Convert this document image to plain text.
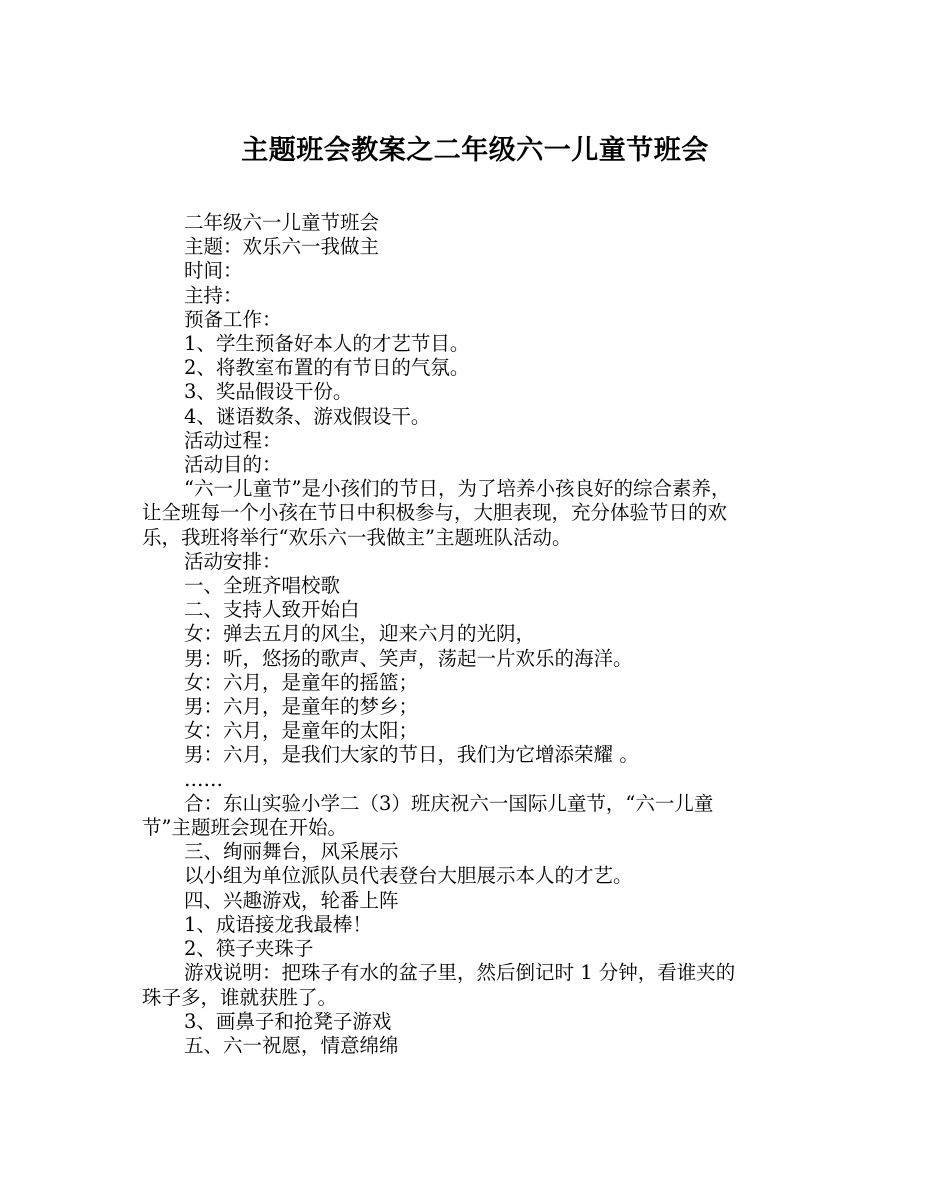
主题班会教案之二年级六一儿童节班会
二年级六一儿童节班会
主题：欢乐六一我做主
时间：
主持：
预备工作：
1、学生预备好本人的才艺节目。
2、将教室布置的有节日的气氛。
3、奖品假设干份。
4、谜语数条、游戏假设干。
活动过程：
活动目的：
“六一儿童节”是小孩们的节日，为了培养小孩良好的综合素养，
让全班每一个小孩在节日中积极参与，大胆表现，充分体验节日的欢
乐，我班将举行“欢乐六一我做主”主题班队活动。
活动安排：
一、全班齐唱校歌
二、支持人致开始白
女：弹去五月的风尘，迎来六月的光阴，
男：听，悠扬的歌声、笑声，荡起一片欢乐的海洋。
女：六月，是童年的摇篮；
男：六月，是童年的梦乡；
女：六月，是童年的太阳；
男：六月，是我们大家的节日，我们为它增添荣耀 。
……
合：东山实验小学二（3）班庆祝六一国际儿童节，“六一儿童
节”主题班会现在开始。
三、绚丽舞台，风采展示
以小组为单位派队员代表登台大胆展示本人的才艺。
四、兴趣游戏，轮番上阵
1、成语接龙我最棒！
2、筷子夹珠子
游戏说明：把珠子有水的盆子里，然后倒记时 1 分钟，看谁夹的
珠子多，谁就获胜了。
3、画鼻子和抢凳子游戏
五、六一祝愿，情意绵绵
